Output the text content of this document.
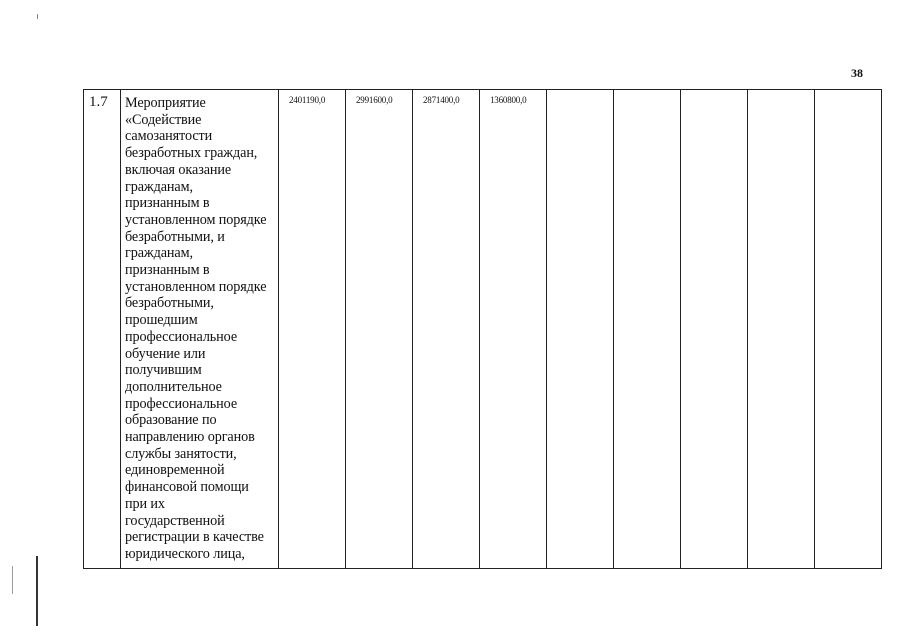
38
1.7	Мероприятие
«Содействие
самозанятости
безработных граждан,
включая оказание
гражданам,
признанным в
установленном порядке
безработными, и
гражданам,
признанным в
установленном порядке
безработными,
прошедшим
профессиональное
обучение или
получившим
дополнительное
профессиональное
образование по
направлению органов
службы занятости,
единовременной
финансовой помощи
при их
государственной
регистрации в качестве
юридического лица,	2401190,0	2991600,0	2871400,0	1360800,0					
